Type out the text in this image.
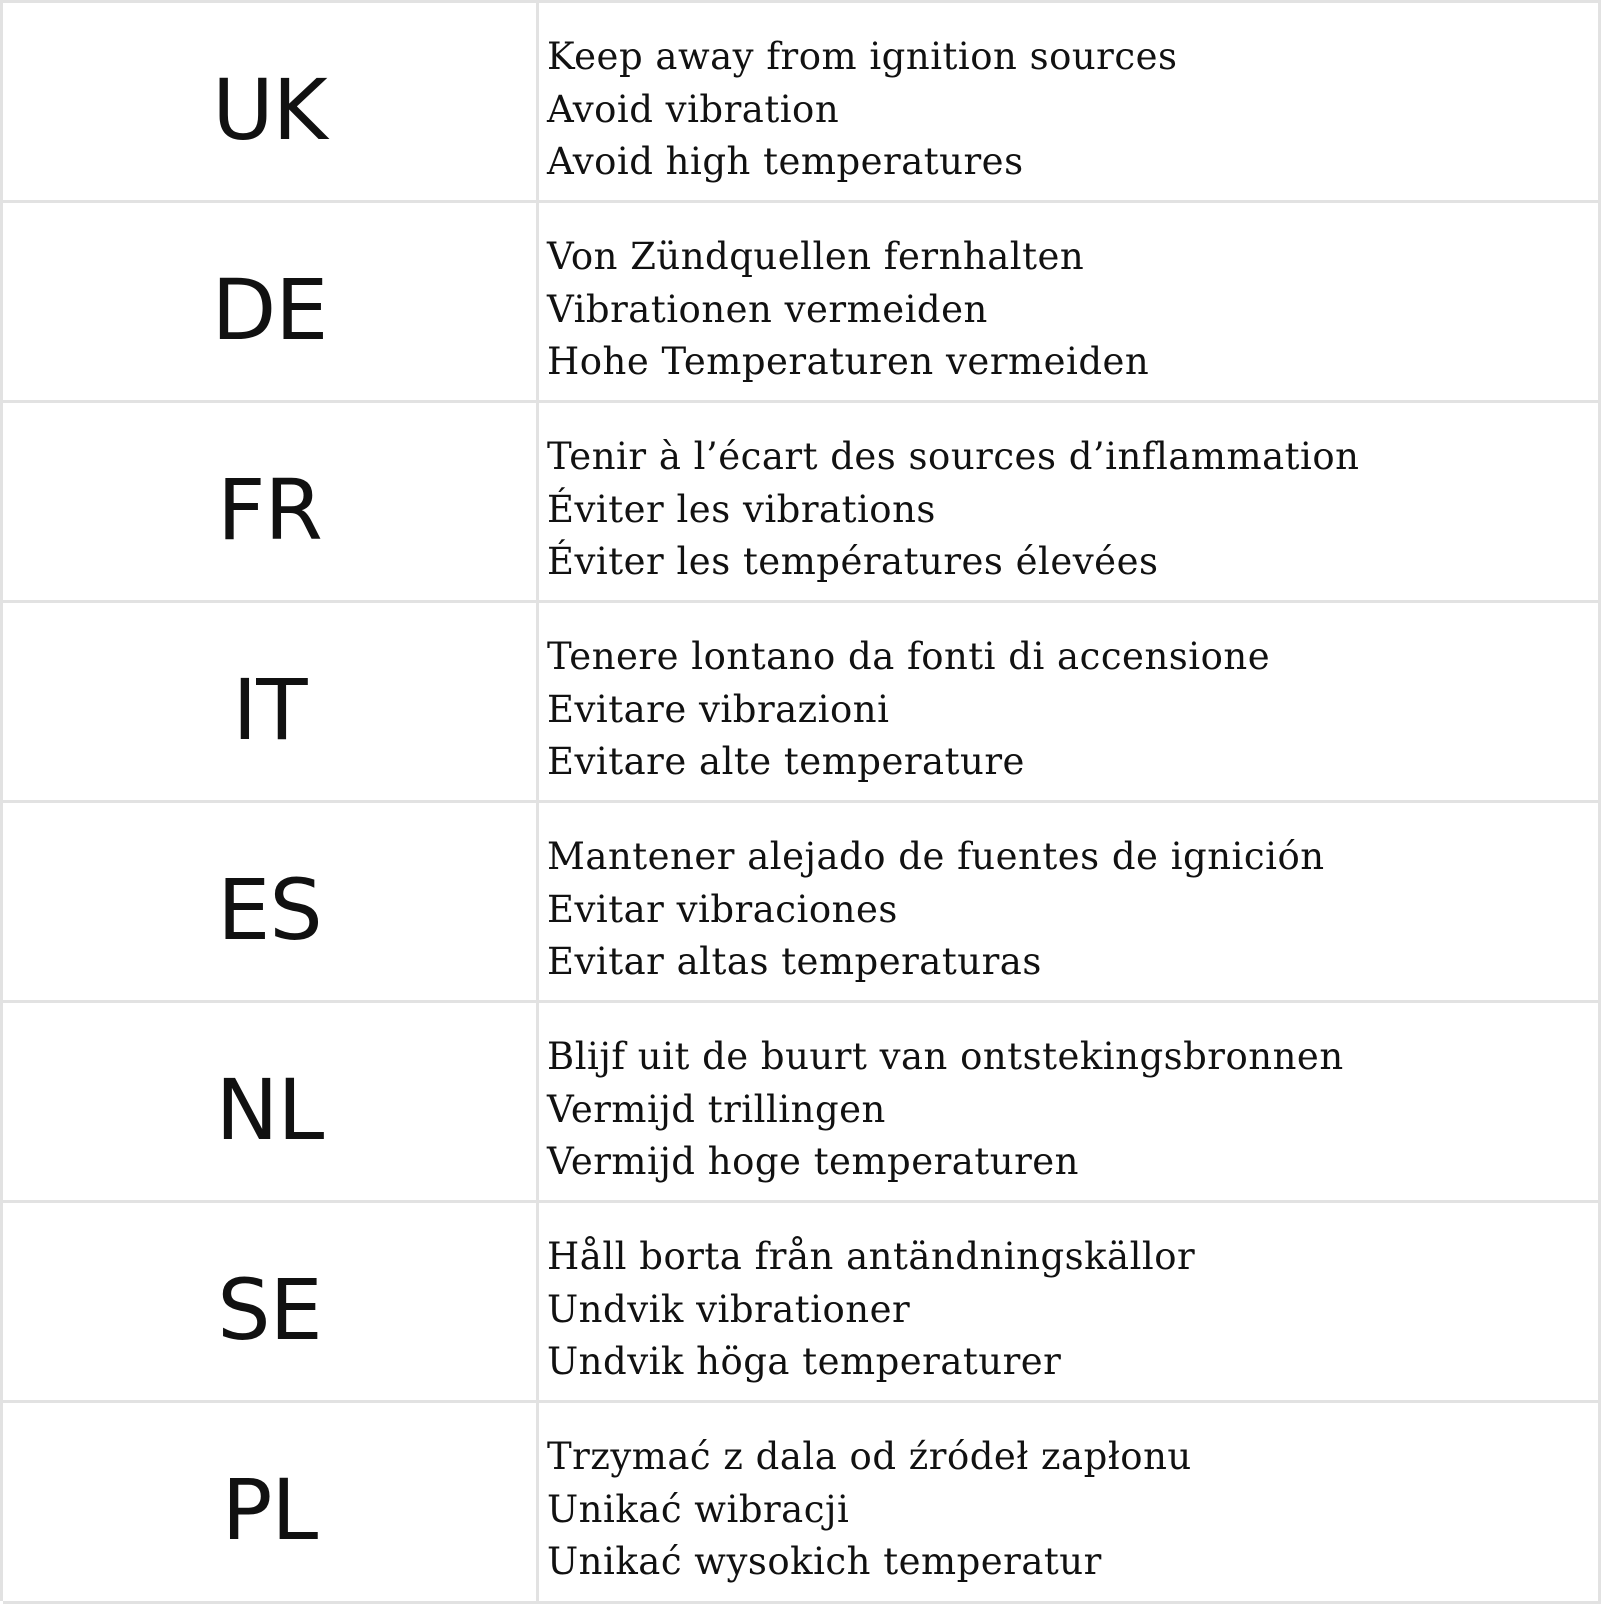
UK
Keep away from ignition sources
Avoid vibration
Avoid high temperatures
DE
Von Zündquellen fernhalten
Vibrationen vermeiden
Hohe Temperaturen vermeiden
FR
Tenir à l’écart des sources d’inflammation
Éviter les vibrations
Éviter les températures élevées
IT
Tenere lontano da fonti di accensione
Evitare vibrazioni
Evitare alte temperature
ES
Mantener alejado de fuentes de ignición
Evitar vibraciones
Evitar altas temperaturas
NL
Blijf uit de buurt van ontstekingsbronnen
Vermijd trillingen
Vermijd hoge temperaturen
SE
Håll borta från antändningskällor
Undvik vibrationer
Undvik höga temperaturer
PL
Trzymać z dala od źródeł zapłonu
Unikać wibracji
Unikać wysokich temperatur
